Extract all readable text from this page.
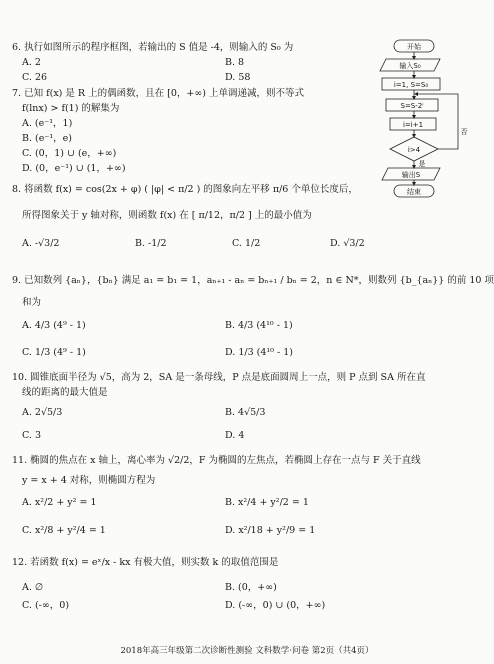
6. 执行如图所示的程序框图，若输出的 S 值是 -4，则输入的 S₀ 为
A. 2	B. 8
C. 26	D. 58
7. 已知 f(x) 是 R 上的偶函数，且在 [0，+∞) 上单调递减，则不等式
f(lnx) > f(1) 的解集为
A. (e⁻¹，1)
B. (e⁻¹，e)
C. (0，1) ∪ (e，+∞)
D. (0，e⁻¹) ∪ (1，+∞)
开始
输入S₀
i=1, S=S₀
S=S-2ⁱ
i=i+1
i>4
否
是
输出S
结束
8. 将函数 f(x) = cos(2x + φ) ( |φ| < π/2 ) 的图象向左平移 π/6 个单位长度后，
所得图象关于 y 轴对称，则函数 f(x) 在 [ π/12，π/2 ] 上的最小值为
A. -√3/2	B. -1/2	C. 1/2	D. √3/2
9. 已知数列 {aₙ}，{bₙ} 满足 a₁ = b₁ = 1，aₙ₊₁ - aₙ = bₙ₊₁ / bₙ = 2，n ∈ N*，则数列 {b_{aₙ}} 的前 10 项
和为
A. 4/3 (4⁹ - 1)	B. 4/3 (4¹⁰ - 1)
C. 1/3 (4⁹ - 1)	D. 1/3 (4¹⁰ - 1)
10. 圆锥底面半径为 √5，高为 2，SA 是一条母线，P 点是底面圆周上一点，则 P 点到 SA 所在直
线的距离的最大值是
A. 2√5/3	B. 4√5/3
C. 3	D. 4
11. 椭圆的焦点在 x 轴上，离心率为 √2/2，F 为椭圆的左焦点，若椭圆上存在一点与 F 关于直线
y = x + 4 对称，则椭圆方程为
A. x²/2 + y² = 1	B. x²/4 + y²/2 = 1
C. x²/8 + y²/4 = 1	D. x²/18 + y²/9 = 1
12. 若函数 f(x) = eˣ/x - kx 有极大值，则实数 k 的取值范围是
A. ∅	B. (0，+∞)
C. (-∞，0)	D. (-∞，0) ∪ (0，+∞)
2018年高三年级第二次诊断性测验 文科数学·问卷 第2页（共4页）
